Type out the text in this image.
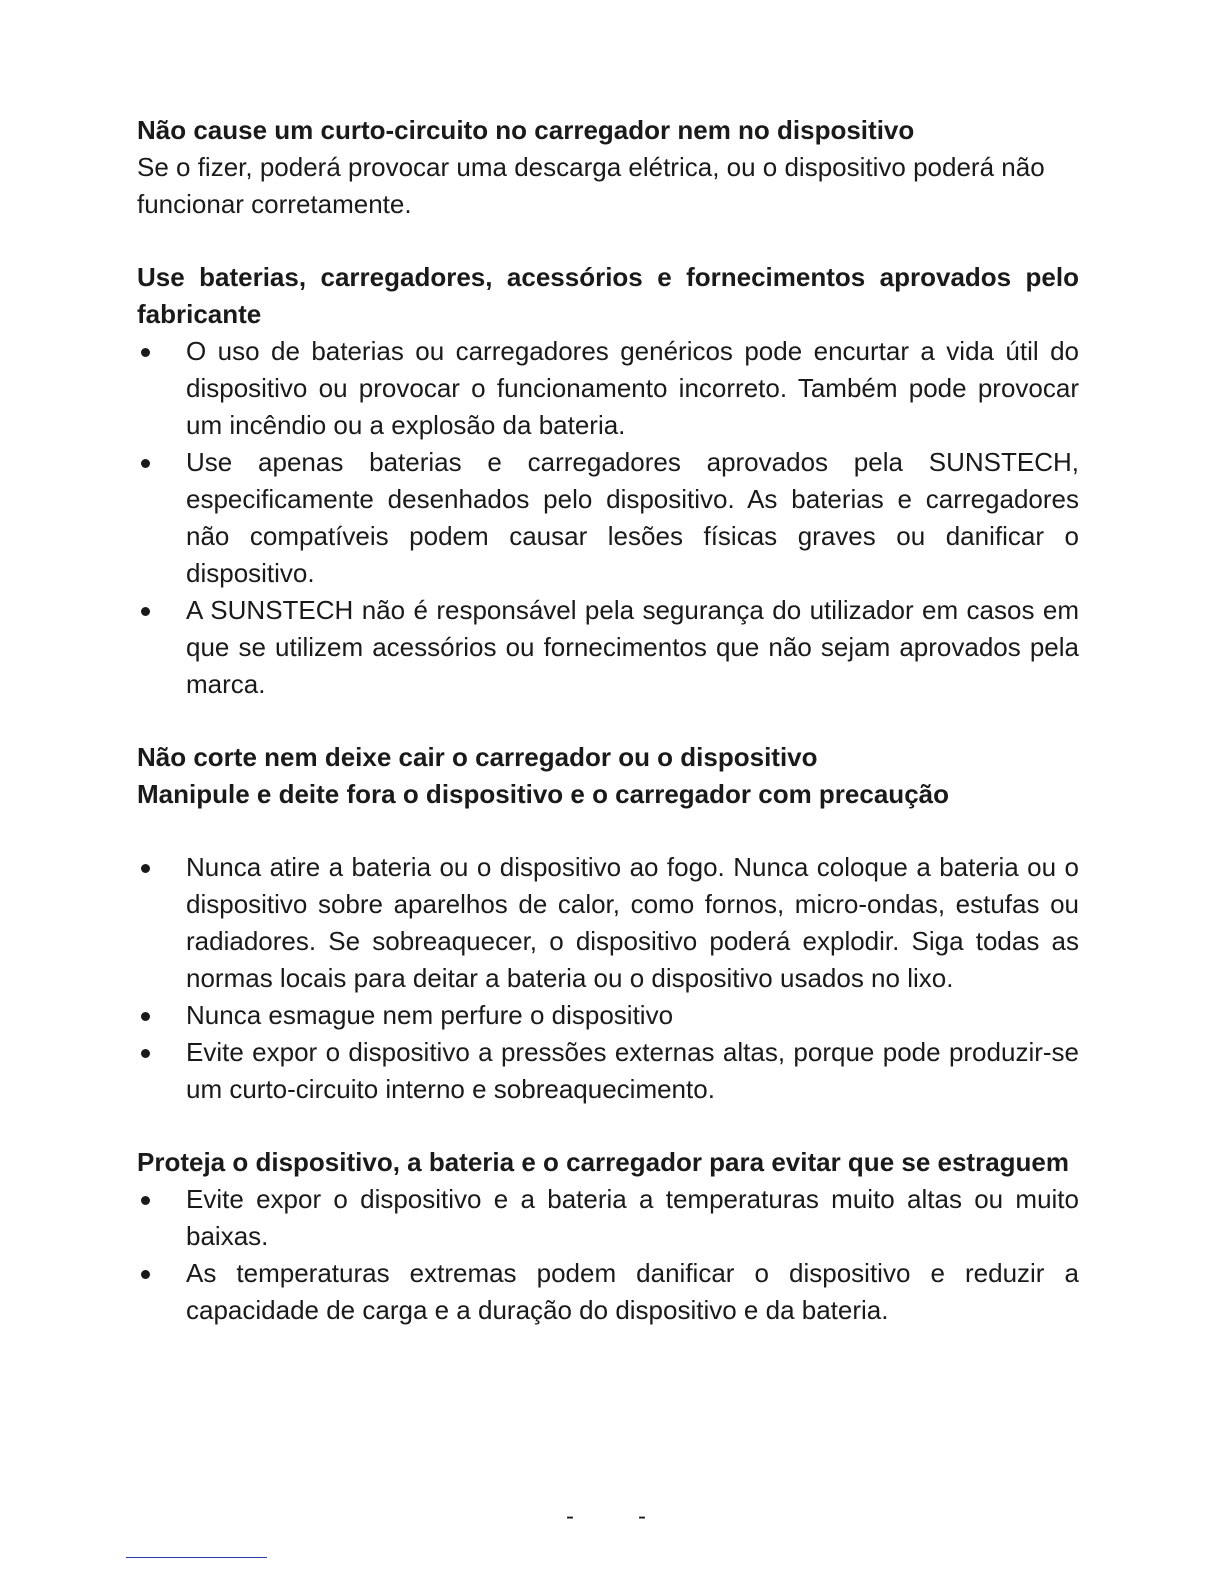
Não cause um curto-circuito no carregador nem no dispositivo

Se o fizer, poderá provocar uma descarga elétrica, ou o dispositivo poderá não funcionar corretamente.

Use baterias, carregadores, acessórios e fornecimentos aprovados pelo fabricante

O uso de baterias ou carregadores genéricos pode encurtar a vida útil do dispositivo ou provocar o funcionamento incorreto. Também pode provocar um incêndio ou a explosão da bateria.
Use apenas baterias e carregadores aprovados pela SUNSTECH, especificamente desenhados pelo dispositivo. As baterias e carregadores não compatíveis podem causar lesões físicas graves ou danificar o dispositivo.
A SUNSTECH não é responsável pela segurança do utilizador em casos em que se utilizem acessórios ou fornecimentos que não sejam aprovados pela marca.

Não corte nem deixe cair o carregador ou o dispositivo

Manipule e deite fora o dispositivo e o carregador com precaução

Nunca atire a bateria ou o dispositivo ao fogo. Nunca coloque a bateria ou o dispositivo sobre aparelhos de calor, como fornos, micro-ondas, estufas ou radiadores. Se sobreaquecer, o dispositivo poderá explodir. Siga todas as normas locais para deitar a bateria ou o dispositivo usados no lixo.
Nunca esmague nem perfure o dispositivo
Evite expor o dispositivo a pressões externas altas, porque pode produzir-se um curto-circuito interno e sobreaquecimento.

Proteja o dispositivo, a bateria e o carregador para evitar que se estraguem

Evite expor o dispositivo e a bateria a temperaturas muito altas ou muito baixas.
As temperaturas extremas podem danificar o dispositivo e reduzir a capacidade de carga e a duração do dispositivo e da bateria.
-	-
